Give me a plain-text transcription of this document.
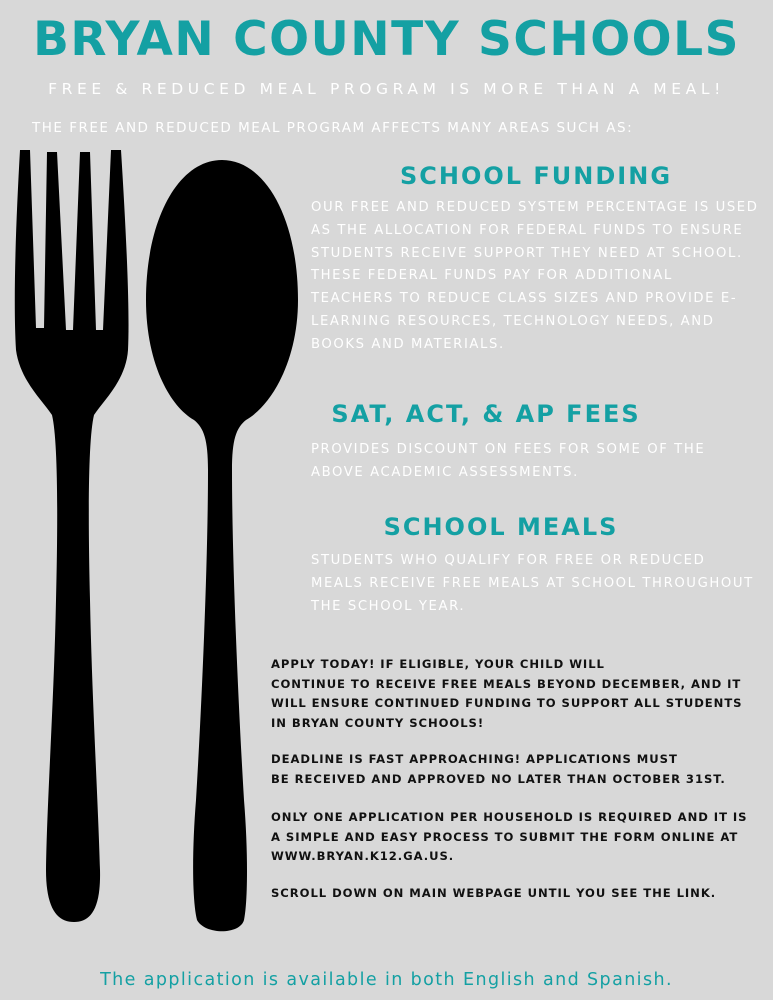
BRYAN COUNTY SCHOOLS
FREE & REDUCED MEAL PROGRAM IS MORE THAN A MEAL!
THE FREE AND REDUCED MEAL PROGRAM AFFECTS MANY AREAS SUCH AS:
SCHOOL FUNDING
OUR FREE AND REDUCED SYSTEM PERCENTAGE IS USED AS THE ALLOCATION FOR FEDERAL FUNDS TO ENSURE STUDENTS RECEIVE SUPPORT THEY NEED AT SCHOOL. THESE FEDERAL FUNDS PAY FOR ADDITIONAL TEACHERS TO REDUCE CLASS SIZES AND PROVIDE E-LEARNING RESOURCES, TECHNOLOGY NEEDS, AND BOOKS AND MATERIALS.
SAT, ACT, & AP FEES
PROVIDES DISCOUNT ON FEES FOR SOME OF THE ABOVE ACADEMIC ASSESSMENTS.
SCHOOL MEALS
STUDENTS WHO QUALIFY FOR FREE OR REDUCED MEALS RECEIVE FREE MEALS AT SCHOOL THROUGHOUT THE SCHOOL YEAR.
APPLY TODAY! IF ELIGIBLE, YOUR CHILD WILL
CONTINUE TO RECEIVE FREE MEALS BEYOND DECEMBER, AND IT WILL ENSURE CONTINUED FUNDING TO SUPPORT ALL STUDENTS IN BRYAN COUNTY SCHOOLS!
DEADLINE IS FAST APPROACHING! APPLICATIONS MUST
BE RECEIVED AND APPROVED NO LATER THAN OCTOBER 31ST.
ONLY ONE APPLICATION PER HOUSEHOLD IS REQUIRED AND IT IS A SIMPLE AND EASY PROCESS TO SUBMIT THE FORM ONLINE AT WWW.BRYAN.K12.GA.US.
SCROLL DOWN ON MAIN WEBPAGE UNTIL YOU SEE THE LINK.
The application is available in both English and Spanish.
